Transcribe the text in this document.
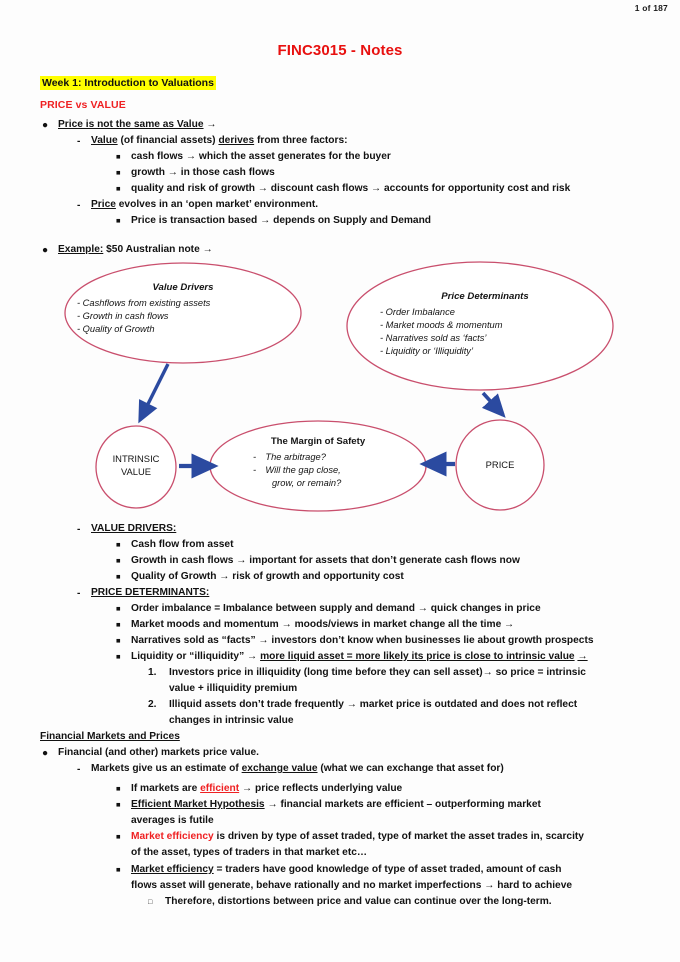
1 of 187
FINC3015 - Notes
Week 1: Introduction to Valuations
PRICE vs VALUE
● Price is not the same as Value →
- Value (of financial assets) derives from three factors:
■ cash flows → which the asset generates for the buyer
■ growth → in those cash flows
■ quality and risk of growth → discount cash flows → accounts for opportunity cost and risk
- Price evolves in an ‘open market’ environment.
■ Price is transaction based → depends on Supply and Demand
● Example: $50 Australian note →
Value Drivers
- Cashflows from existing assets
- Growth in cash flows
- Quality of Growth
Price Determinants
- Order Imbalance
- Market moods & momentum
- Narratives sold as ‘facts’
- Liquidity or ‘Illiquidity’
INTRINSIC
VALUE
PRICE
The Margin of Safety
- The arbitrage?
- Will the gap close,
grow, or remain?
- VALUE DRIVERS:
■ Cash flow from asset
■ Growth in cash flows → important for assets that don’t generate cash flows now
■ Quality of Growth → risk of growth and opportunity cost
- PRICE DETERMINANTS:
■ Order imbalance = Imbalance between supply and demand → quick changes in price
■ Market moods and momentum → moods/views in market change all the time →
■ Narratives sold as “facts” → investors don’t know when businesses lie about growth prospects
■ Liquidity or “illiquidity” → more liquid asset = more likely its price is close to intrinsic value →
1. Investors price in illiquidity (long time before they can sell asset)→ so price = intrinsic
value + illiquidity premium
2. Illiquid assets don’t trade frequently → market price is outdated and does not reflect
changes in intrinsic value
Financial Markets and Prices
● Financial (and other) markets price value.
- Markets give us an estimate of exchange value (what we can exchange that asset for)
■ If markets are efficient → price reflects underlying value
■ Efficient Market Hypothesis → financial markets are efficient – outperforming market
averages is futile
■ Market efficiency is driven by type of asset traded, type of market the asset trades in, scarcity
of the asset, types of traders in that market etc…
■ Market efficiency = traders have good knowledge of type of asset traded, amount of cash
flows asset will generate, behave rationally and no market imperfections → hard to achieve
□ Therefore, distortions between price and value can continue over the long-term.
